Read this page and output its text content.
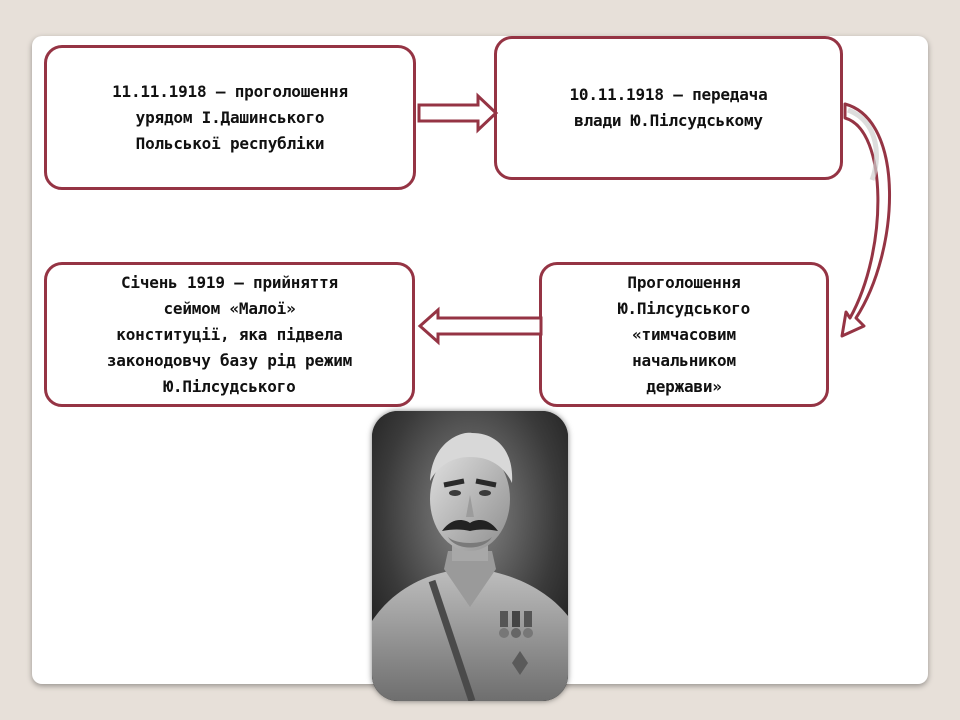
11.11.1918 – проголошення
урядом І.Дашинського
Польської республіки
10.11.1918 – передача
влади Ю.Пілсудському
Січень 1919 – прийняття
сеймом «Малої»
конституції, яка підвела
законодовчу базу рід режим
Ю.Пілсудського
Проголошення
Ю.Пілсудського
«тимчасовим
начальником
держави»
